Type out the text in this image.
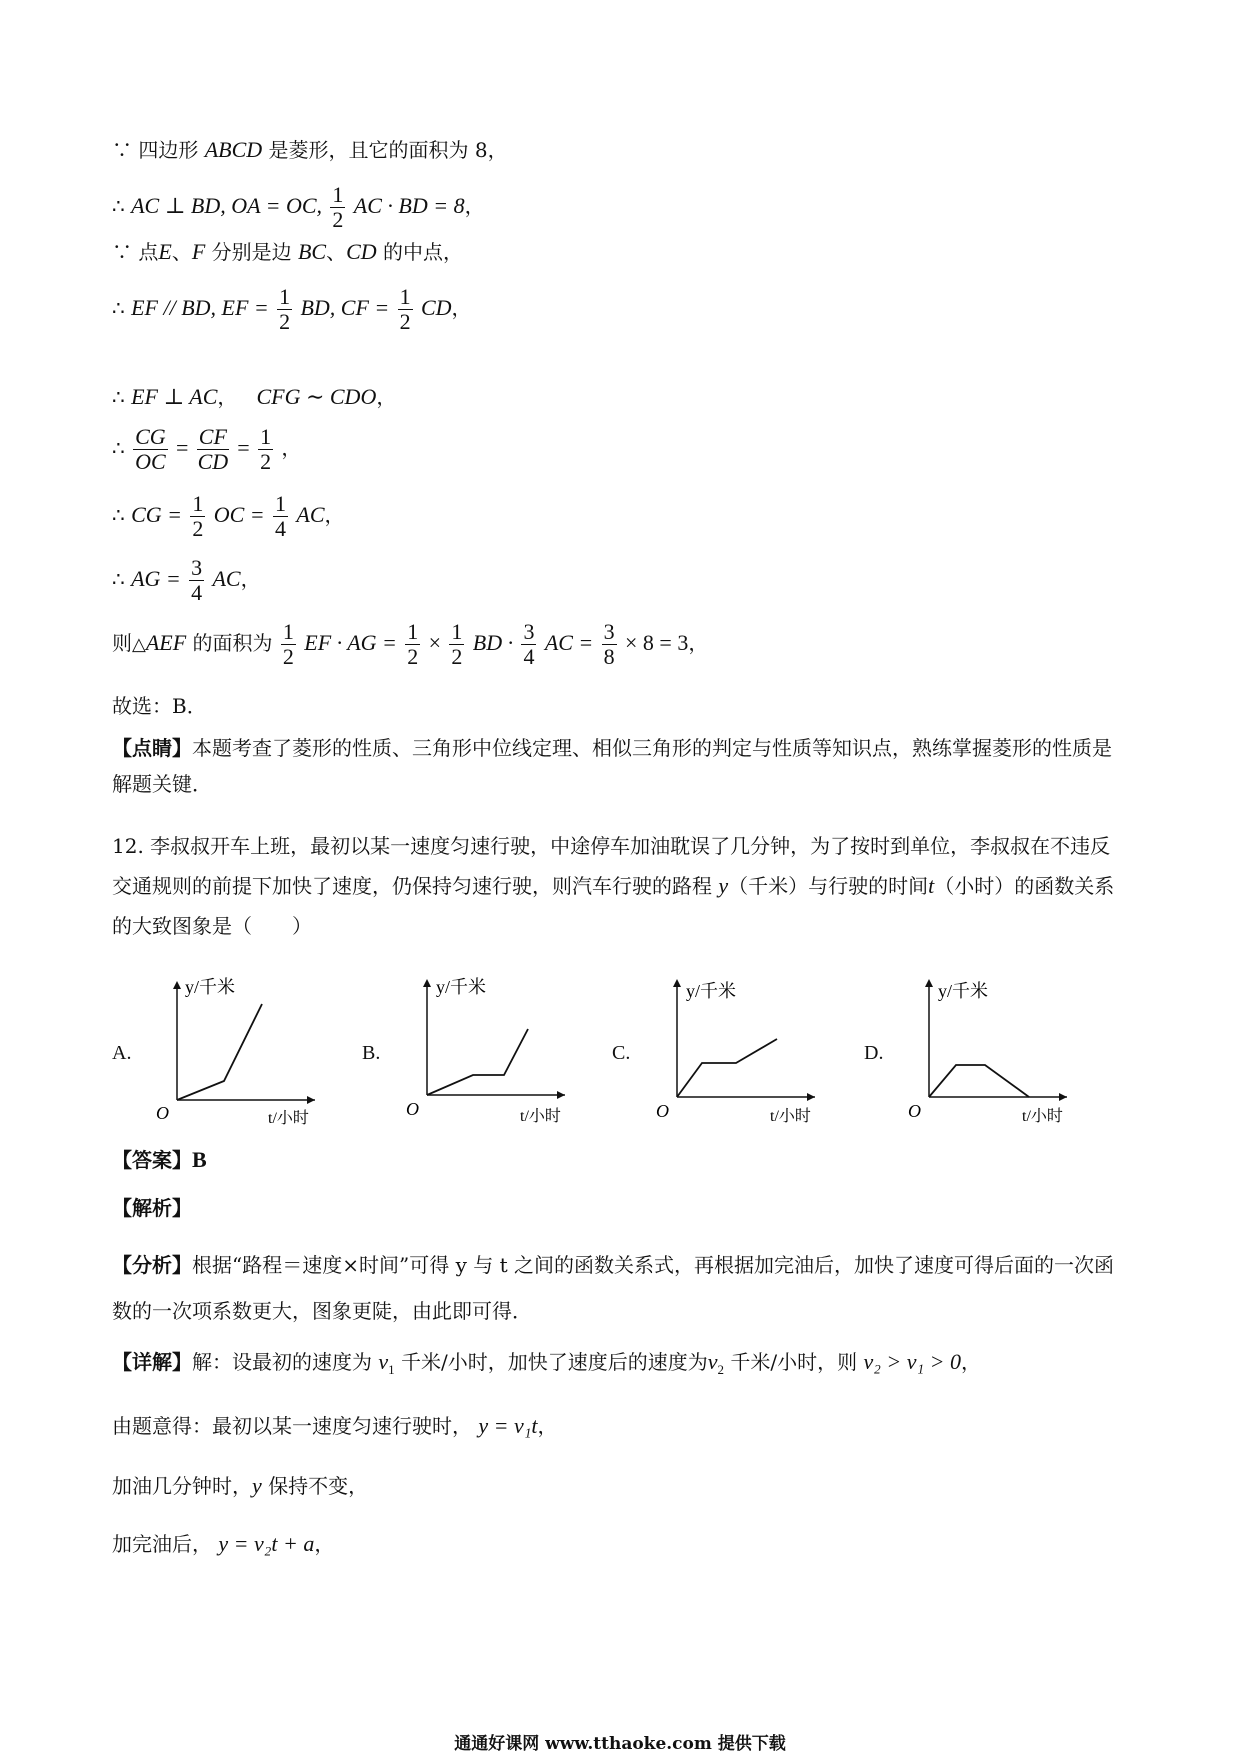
∵ 四边形 ABCD 是菱形，且它的面积为 8，
∴ AC ⊥ BD, OA = OC, $\frac{1}{2}$ AC · BD = 8，
∵ 点E、F 分别是边 BC、CD 的中点，
∴ EF // BD, EF = $\frac{1}{2}$ BD, CF = $\frac{1}{2}$ CD，
∴ EF ⊥ AC， CFG ∼ CDO，
∴ $\frac{CG}{OC} = \frac{CF}{CD} = \frac{1}{2}$ ，
∴ CG = $\frac{1}{2}$ OC = $\frac{1}{4}$ AC，
∴ AG = $\frac{3}{4}$ AC，
则△AEF 的面积为 $\frac{1}{2}$ EF · AG = $\frac{1}{2} \times \frac{1}{2}$ BD · $\frac{3}{4}$ AC = $\frac{3}{8} \times 8 = 3$，
故选：B．
【点睛】本题考查了菱形的性质、三角形中位线定理、相似三角形的判定与性质等知识点，熟练掌握菱形的性质是解题关键．
12. 李叔叔开车上班，最初以某一速度匀速行驶，中途停车加油耽误了几分钟，为了按时到单位，李叔叔在不违反交通规则的前提下加快了速度，仍保持匀速行驶，则汽车行驶的路程 y（千米）与行驶的时间t（小时）的函数关系的大致图象是（　　）
A.
y/千米
O	t/小时
B.
y/千米
O	t/小时
C.
y/千米
O	t/小时
D.
y/千米
O	t/小时
【答案】B
【解析】
【分析】根据“路程＝速度×时间”可得 y 与 t 之间的函数关系式，再根据加完油后，加快了速度可得后面的一次函数的一次项系数更大，图象更陡，由此即可得．
【详解】解：设最初的速度为 $v_1$ 千米/小时，加快了速度后的速度为$v_2$ 千米/小时，则 v₂ > v₁ > 0，
由题意得：最初以某一速度匀速行驶时， y = v₁t，
加油几分钟时，y 保持不变，
加完油后， y = v₂t + a，
通通好课网 www.tthaoke.com 提供下载
